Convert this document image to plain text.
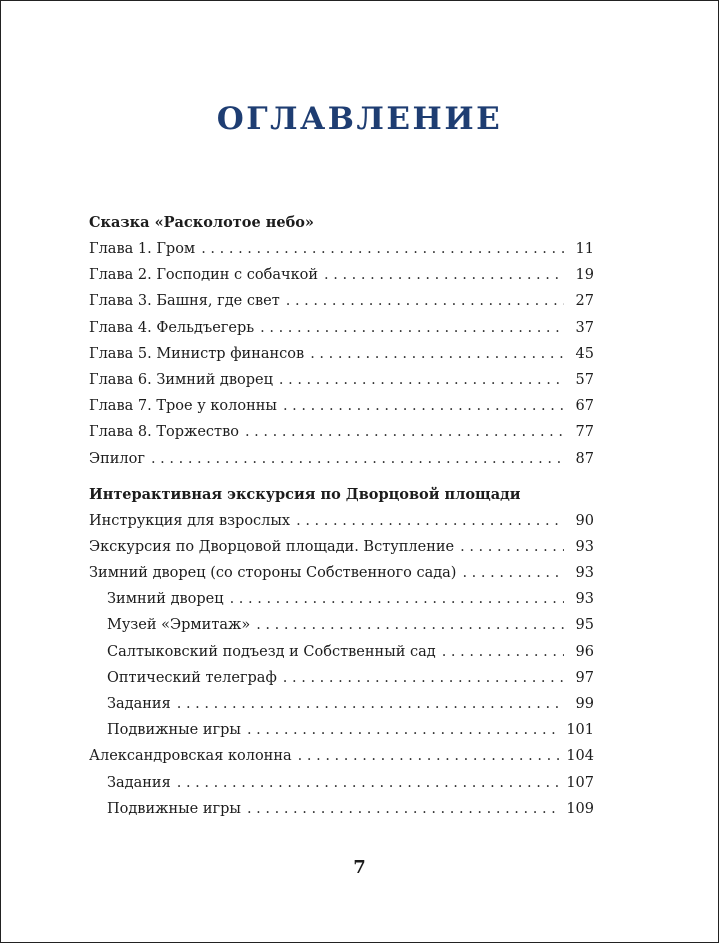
ОГЛАВЛЕНИЕ
Сказка «Расколотое небо»
Глава 1. Гром . . .	11
Глава 2. Господин с собачкой . . .	19
Глава 3. Башня, где свет . . .	27
Глава 4. Фельдъегерь . . .	37
Глава 5. Министр финансов . . .	45
Глава 6. Зимний дворец . . .	57
Глава 7. Трое у колонны . . .	67
Глава 8. Торжество . . .	77
Эпилог . . .	87
Интерактивная экскурсия по Дворцовой площади
Инструкция для взрослых . . .	90
Экскурсия по Дворцовой площади. Вступление . . .	93
Зимний дворец (со стороны Собственного сада) . . .	93
Зимний дворец . . .	93
Музей «Эрмитаж» . . .	95
Салтыковский подъезд и Собственный сад . . .	96
Оптический телеграф . . .	97
Задания . . .	99
Подвижные игры . . .	101
Александровская колонна . . .	104
Задания . . .	107
Подвижные игры . . .	109
7
